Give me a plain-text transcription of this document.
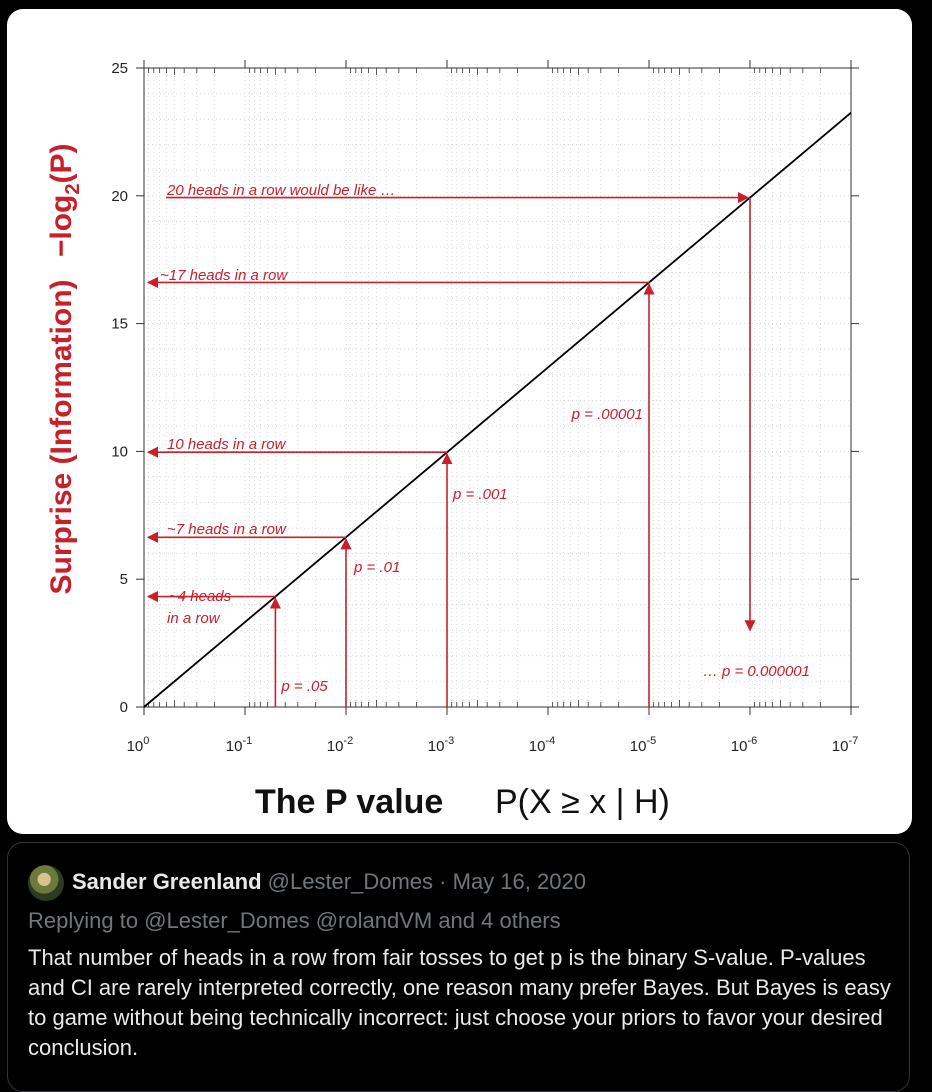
$10^0$	$10^{-1}$	$10^{-2}$	$10^{-3}$	$10^{-4}$	$10^{-5}$	$10^{-6}$	$10^{-7}$
0
5
10
15
20
25
p = .05
p = .01
p = .001
p = .00001
… p = 0.000001
~4 heads
in a row
~7 heads in a row
10 heads in a row
~17 heads in a row
20 heads in a row would be like …
Surprise (Information) $-\log_2(P)$
The P value P(X ≥ x | H)
Sander Greenland @Lester_Domes · May 16, 2020
Replying to @Lester_Domes @rolandVM and 4 others

That number of heads in a row from fair tosses to get p is the binary S-value. P-values and CI are rarely interpreted correctly, one reason many prefer Bayes. But Bayes is easy to game without being technically incorrect: just choose your priors to favor your desired conclusion.
